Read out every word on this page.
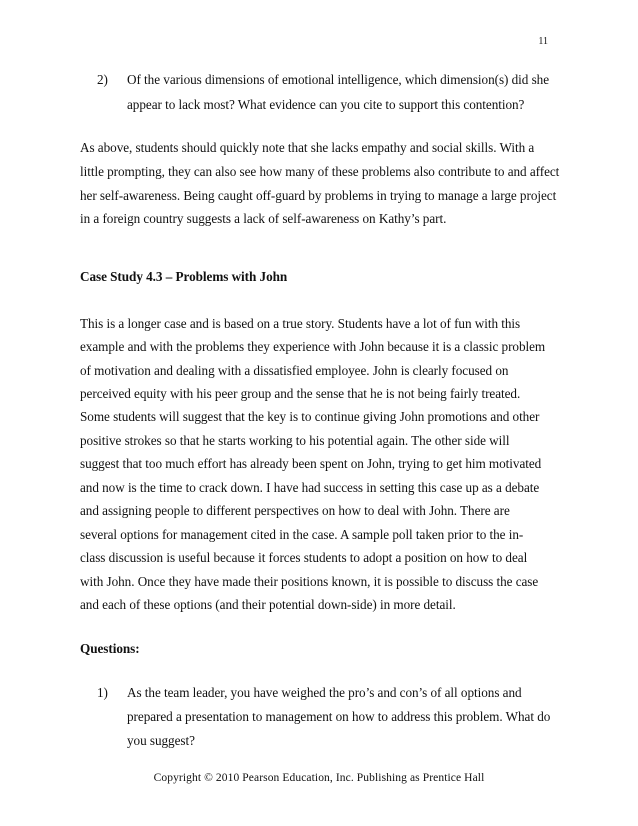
11
2) Of the various dimensions of emotional intelligence, which dimension(s) did she
appear to lack most? What evidence can you cite to support this contention?
As above, students should quickly note that she lacks empathy and social skills. With a
little prompting, they can also see how many of these problems also contribute to and affect
her self-awareness. Being caught off-guard by problems in trying to manage a large project
in a foreign country suggests a lack of self-awareness on Kathy’s part.
Case Study 4.3 – Problems with John
This is a longer case and is based on a true story. Students have a lot of fun with this
example and with the problems they experience with John because it is a classic problem
of motivation and dealing with a dissatisfied employee. John is clearly focused on
perceived equity with his peer group and the sense that he is not being fairly treated.
Some students will suggest that the key is to continue giving John promotions and other
positive strokes so that he starts working to his potential again. The other side will
suggest that too much effort has already been spent on John, trying to get him motivated
and now is the time to crack down. I have had success in setting this case up as a debate
and assigning people to different perspectives on how to deal with John. There are
several options for management cited in the case. A sample poll taken prior to the in-
class discussion is useful because it forces students to adopt a position on how to deal
with John. Once they have made their positions known, it is possible to discuss the case
and each of these options (and their potential down-side) in more detail.
Questions:
1) As the team leader, you have weighed the pro’s and con’s of all options and
prepared a presentation to management on how to address this problem. What do
you suggest?
Copyright © 2010 Pearson Education, Inc. Publishing as Prentice Hall
